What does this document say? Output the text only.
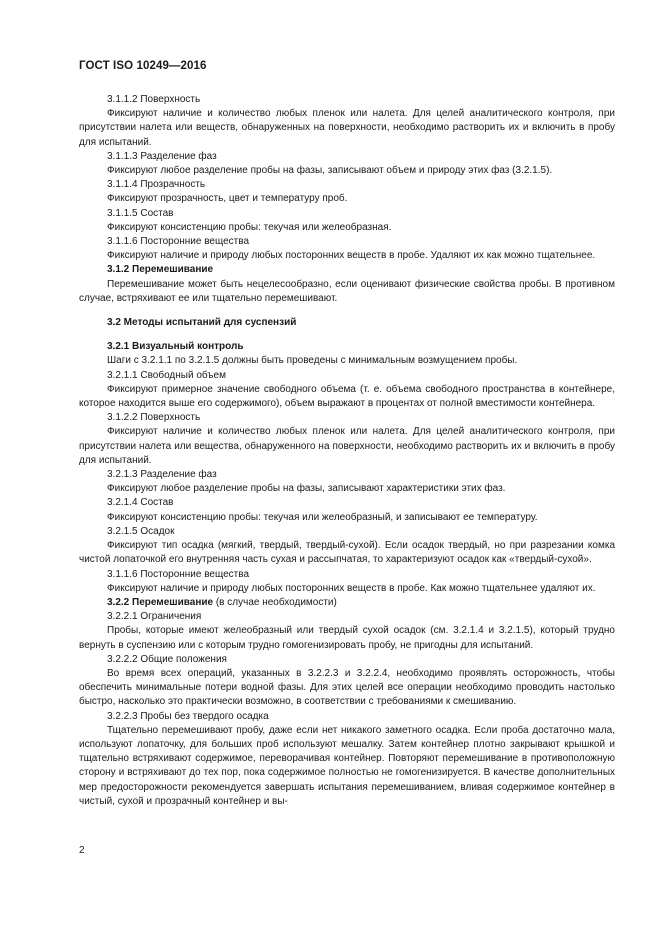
ГОСТ ISO 10249—2016

3.1.1.2 Поверхность

Фиксируют наличие и количество любых пленок или налета. Для целей аналитического контроля, при присутствии налета или веществ, обнаруженных на поверхности, необходимо растворить их и включить в пробу для испытаний.

3.1.1.3 Разделение фаз

Фиксируют любое разделение пробы на фазы, записывают объем и природу этих фаз (3.2.1.5).

3.1.1.4 Прозрачность

Фиксируют прозрачность, цвет и температуру проб.

3.1.1.5 Состав

Фиксируют консистенцию пробы: текучая или желеобразная.

3.1.1.6 Посторонние вещества

Фиксируют наличие и природу любых посторонних веществ в пробе. Удаляют их как можно тщательнее.

3.1.2 Перемешивание

Перемешивание может быть нецелесообразно, если оценивают физические свойства пробы. В противном случае, встряхивают ее или тщательно перемешивают.

3.2 Методы испытаний для суспензий

3.2.1 Визуальный контроль

Шаги с 3.2.1.1 по 3.2.1.5 должны быть проведены с минимальным возмущением пробы.

3.2.1.1 Свободный объем

Фиксируют примерное значение свободного объема (т. е. объема свободного пространства в контейнере, которое находится выше его содержимого), объем выражают в процентах от полной вместимости контейнера.

3.1.2.2 Поверхность

Фиксируют наличие и количество любых пленок или налета. Для целей аналитического контроля, при присутствии налета или вещества, обнаруженного на поверхности, необходимо растворить их и включить в пробу для испытаний.

3.2.1.3 Разделение фаз

Фиксируют любое разделение пробы на фазы, записывают характеристики этих фаз.

3.2.1.4 Состав

Фиксируют консистенцию пробы: текучая или желеобразный, и записывают ее температуру.

3.2.1.5 Осадок

Фиксируют тип осадка (мягкий, твердый, твердый-сухой). Если осадок твердый, но при разрезании комка чистой лопаточкой его внутренняя часть сухая и рассыпчатая, то характеризуют осадок как «твердый-сухой».

3.1.1.6 Посторонние вещества

Фиксируют наличие и природу любых посторонних веществ в пробе. Как можно тщательнее удаляют их.

3.2.2 Перемешивание (в случае необходимости)

3.2.2.1 Ограничения

Пробы, которые имеют желеобразный или твердый сухой осадок (см. 3.2.1.4 и 3.2.1.5), который трудно вернуть в суспензию или с которым трудно гомогенизировать пробу, не пригодны для испытаний.

3.2.2.2 Общие положения

Во время всех операций, указанных в 3.2.2.3 и 3.2.2.4, необходимо проявлять осторожность, чтобы обеспечить минимальные потери водной фазы. Для этих целей все операции необходимо проводить настолько быстро, насколько это практически возможно, в соответствии с требованиями к смешиванию.

3.2.2.3 Пробы без твердого осадка

Тщательно перемешивают пробу, даже если нет никакого заметного осадка. Если проба достаточно мала, используют лопаточку, для больших проб используют мешалку. Затем контейнер плотно закрывают крышкой и тщательно встряхивают содержимое, переворачивая контейнер. Повторяют перемешивание в противоположную сторону и встряхивают до тех пор, пока содержимое полностью не гомогенизируется. В качестве дополнительных мер предосторожности рекомендуется завершать испытания перемешиванием, вливая содержимое контейнер в чистый, сухой и прозрачный контейнер и вы-

2
